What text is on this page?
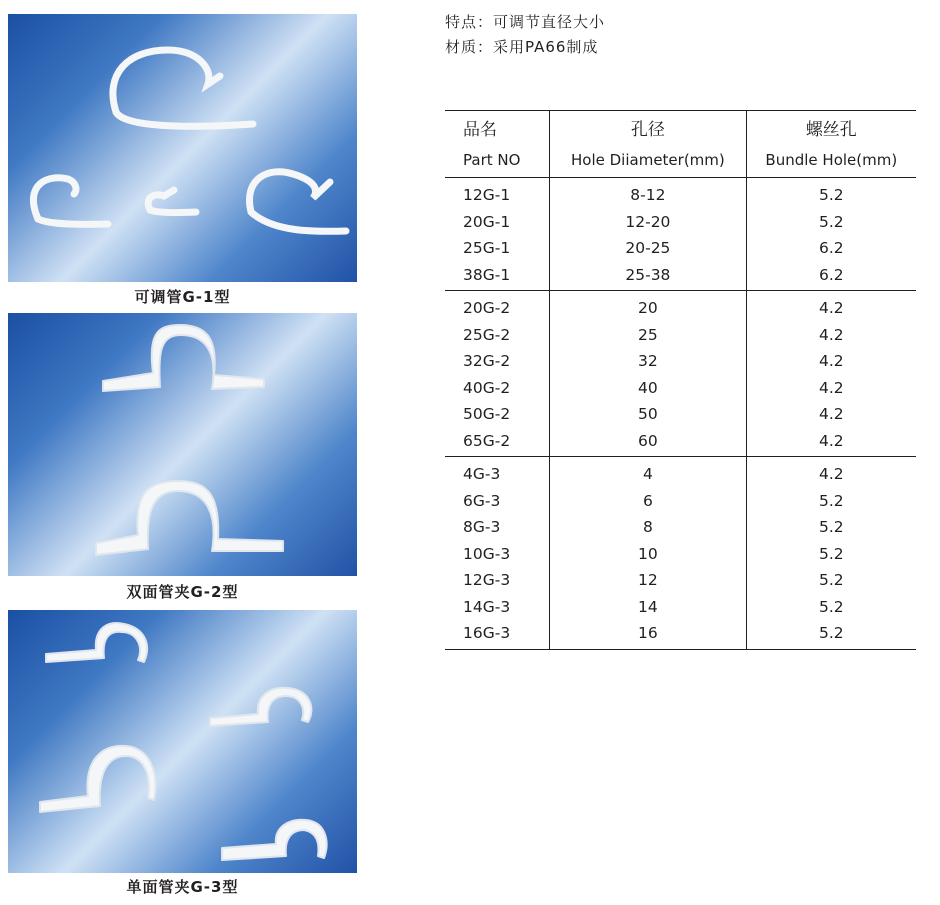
可调管G-1型
双面管夹G-2型
单面管夹G-3型
特点：可调节直径大小
材质：采用PA66制成
品名	孔径	螺丝孔
Part NO	Hole Diiameter(mm)	Bundle Hole(mm)
12G-1	8-12	5.2
20G-1	12-20	5.2
25G-1	20-25	6.2
38G-1	25-38	6.2
20G-2	20	4.2
25G-2	25	4.2
32G-2	32	4.2
40G-2	40	4.2
50G-2	50	4.2
65G-2	60	4.2
4G-3	4	4.2
6G-3	6	5.2
8G-3	8	5.2
10G-3	10	5.2
12G-3	12	5.2
14G-3	14	5.2
16G-3	16	5.2
